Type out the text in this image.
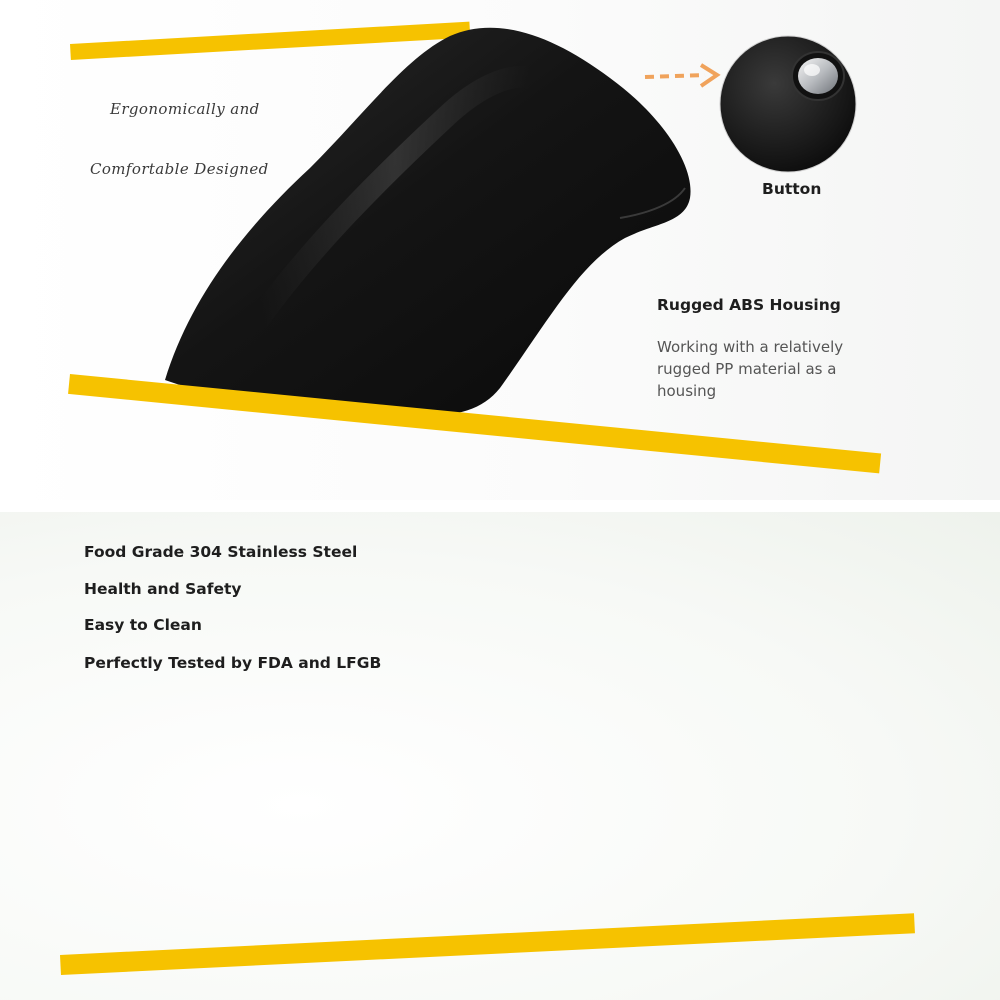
Ergonomically and

Comfortable Designed

Button

Rugged ABS Housing

Working with a relatively

rugged PP material as a

housing

Food Grade 304 Stainless Steel

Health and Safety

Easy to Clean

Perfectly Tested by FDA and LFGB
